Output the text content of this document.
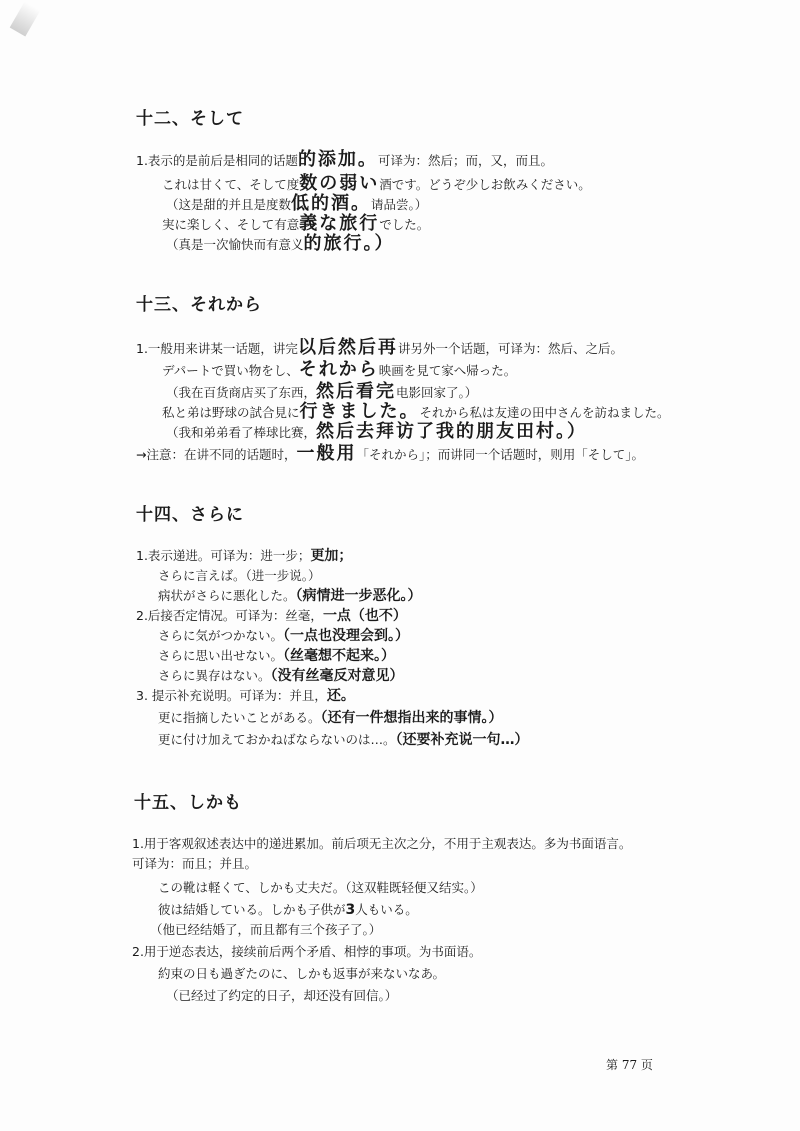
十二、そして
1.表示的是前后是相同的话题的添加。可译为：然后；而，又，而且。
これは甘くて、そして度数の弱い酒です。どうぞ少しお飲みください。
（这是甜的并且是度数低的酒。请品尝。）
実に楽しく、そして有意義な旅行でした。
（真是一次愉快而有意义的旅行。）
十三、それから
1.一般用来讲某一话题，讲完以后然后再讲另外一个话题，可译为：然后、之后。
デパートで買い物をし、それから映画を見て家へ帰った。
（我在百货商店买了东西，然后看完电影回家了。）
私と弟は野球の試合見に行きました。それから私は友達の田中さんを訪ねました。
（我和弟弟看了棒球比赛，然后去拜访了我的朋友田村。）
→注意：在讲不同的话题时，一般用「それから」；而讲同一个话题时，则用「そして」。
十四、さらに
1.表示递进。可译为：进一步；更加；
さらに言えば。（进一步说。）
病状がさらに悪化した。（病情进一步恶化。）
2.后接否定情况。可译为：丝毫，一点（也不）
さらに気がつかない。（一点也没理会到。）
さらに思い出せない。（丝毫想不起来。）
さらに異存はない。（没有丝毫反对意见）
3. 提示补充说明。可译为：并且，还。
更に指摘したいことがある。（还有一件想指出来的事情。）
更に付け加えておかねばならないのは…。（还要补充说一句…）
十五、しかも
1.用于客观叙述表达中的递进累加。前后项无主次之分，不用于主观表达。多为书面语言。
可译为：而且；并且。
この靴は軽くて、しかも丈夫だ。（这双鞋既轻便又结实。）
彼は結婚している。しかも子供が3人もいる。
（他已经结婚了，而且都有三个孩子了。）
2.用于逆态表达，接续前后两个矛盾、相悖的事项。为书面语。
約束の日も過ぎたのに、しかも返事が来ないなあ。
（已经过了约定的日子，却还没有回信。）
第 77 页
